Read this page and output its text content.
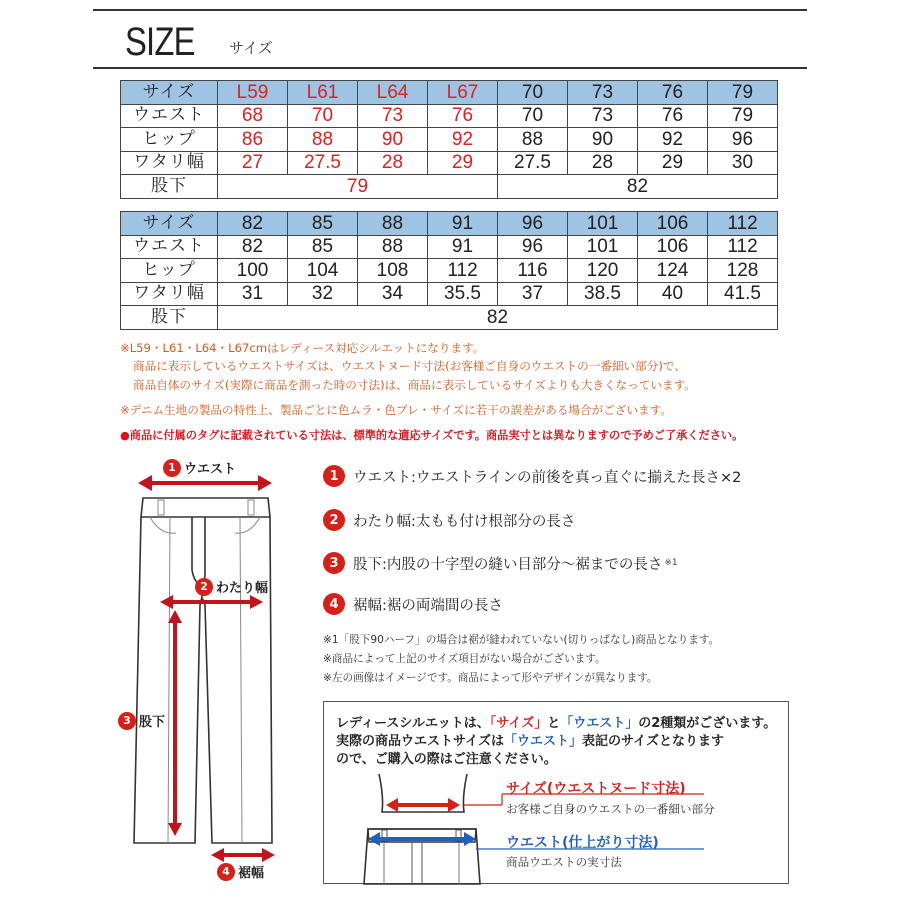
SIZE サイズ
サイズ	L59	L61	L64	L67	70	73	76	79
ウエスト	68	70	73	76	70	73	76	79
ヒップ	86	88	90	92	88	90	92	96
ワタリ幅	27	27.5	28	29	27.5	28	29	30
股下	79				82			
サイズ	82	85	88	91	96	101	106	112
ウエスト	82	85	88	91	96	101	106	112
ヒップ	100	104	108	112	116	120	124	128
ワタリ幅	31	32	34	35.5	37	38.5	40	41.5
股下	82							
※L59・L61・L64・L67cmはレディース対応シルエットになります。
商品に表示しているウエストサイズは、ウエストヌード寸法(お客様ご自身のウエストの一番細い部分)で、
商品自体のサイズ(実際に商品を測った時の寸法)は、商品に表示しているサイズよりも大きくなっています。
※デニム生地の製品の特性上、製品ごとに色ムラ・色ブレ・サイズに若干の誤差がある場合がございます。
●商品に付属のタグに記載されている寸法は、標準的な適応サイズです。商品実寸とは異なりますので予めご了承ください。
1 ウエスト
2 わたり幅
3 股下
4 裾幅
1 ウエスト:ウエストラインの前後を真っ直ぐに揃えた長さ×2
2 わたり幅:太もも付け根部分の長さ
3 股下:内股の十字型の縫い目部分〜裾までの長さ ※1
4 裾幅:裾の両端間の長さ
※1「股下90ハーフ」の場合は裾が縫われていない(切りっぱなし)商品となります。
※商品によって上記のサイズ項目がない場合がございます。
※左の画像はイメージです。商品によって形やデザインが異なります。
レディースシルエットは、「サイズ」と「ウエスト」の2種類がございます。
実際の商品ウエストサイズは「ウエスト」表記のサイズとなります
ので、ご購入の際はご注意ください。
サイズ(ウエストヌード寸法)
お客様ご自身のウエストの一番細い部分
ウエスト(仕上がり寸法)
商品ウエストの実寸法
